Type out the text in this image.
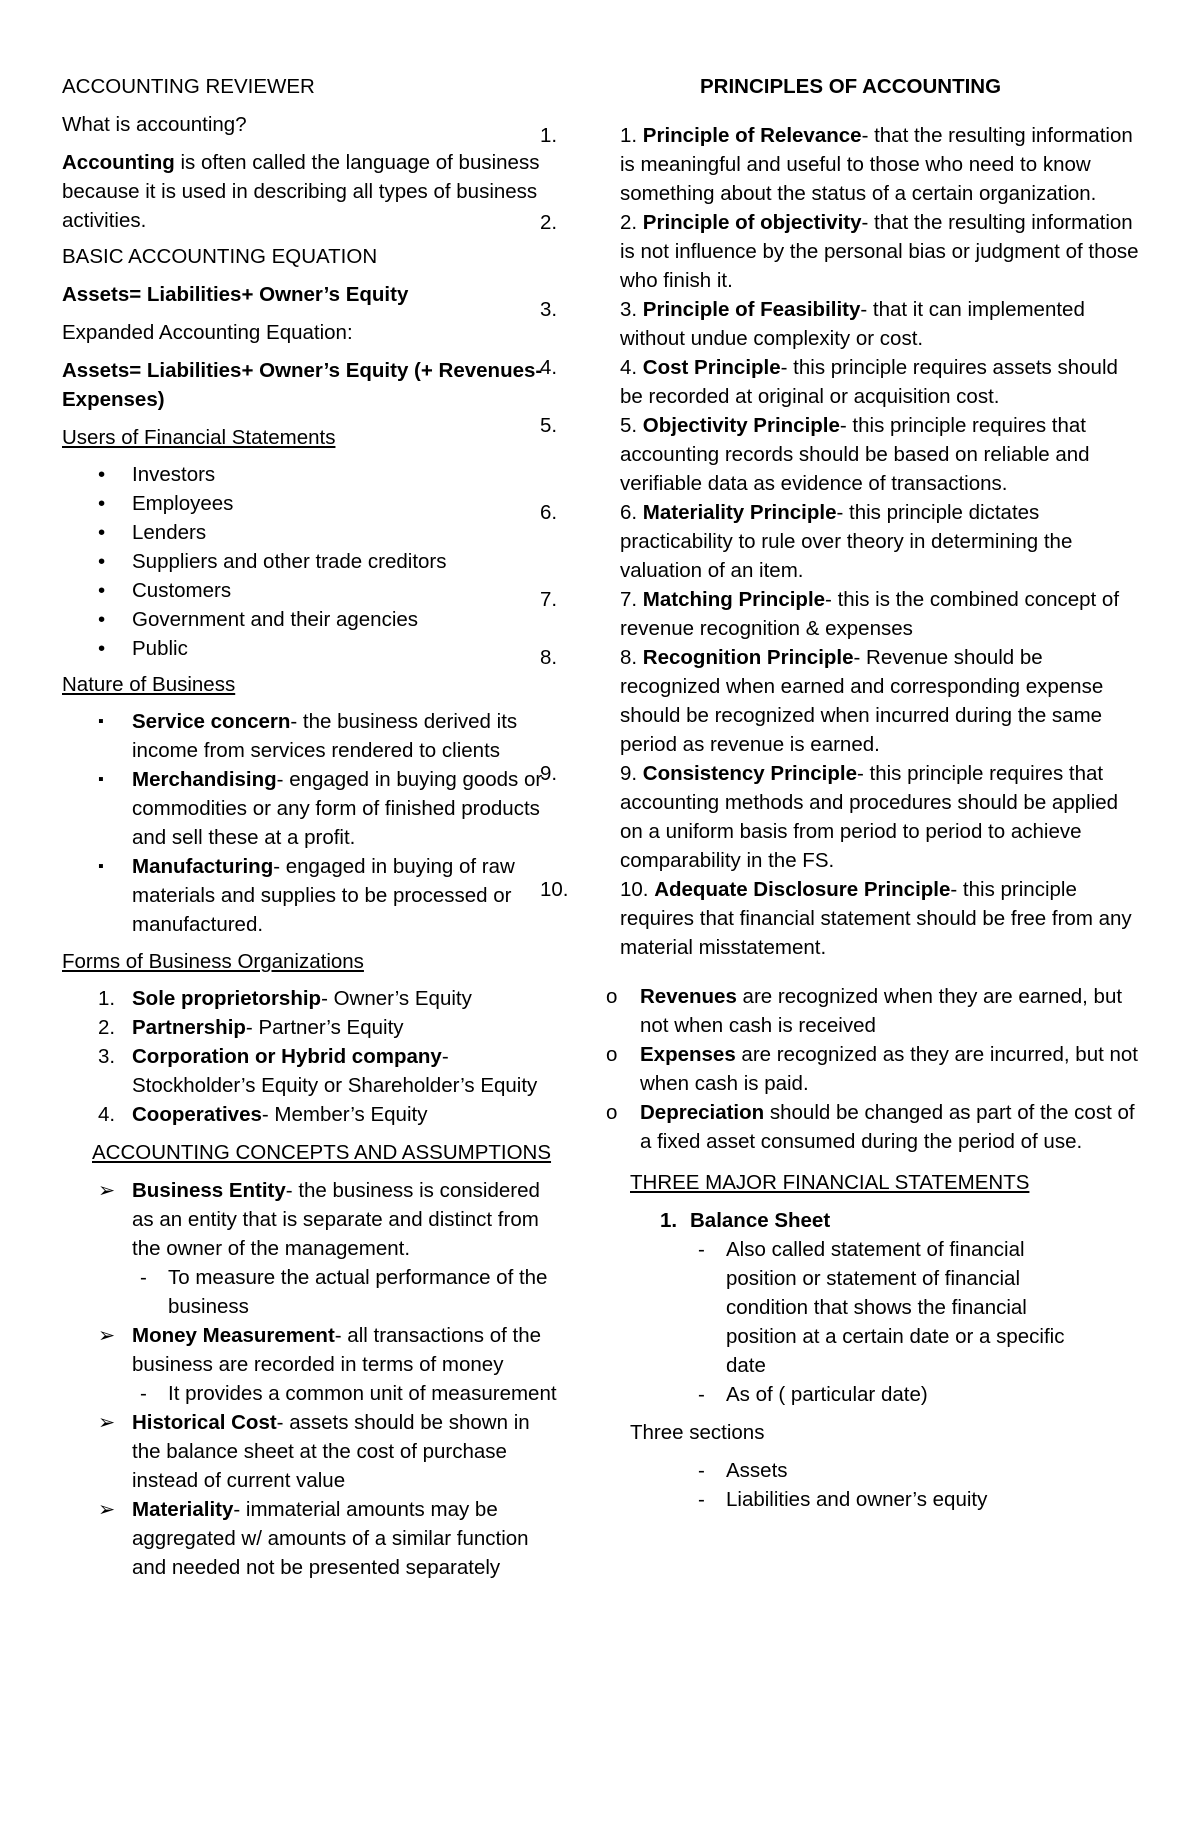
ACCOUNTING REVIEWER

What is accounting?

Accounting is often called the language of business because it is used in describing all types of business activities.

BASIC ACCOUNTING EQUATION

Assets= Liabilities+ Owner’s Equity

Expanded Accounting Equation:

Assets= Liabilities+ Owner’s Equity (+ Revenues- Expenses)

Users of Financial Statements

• Investors
• Employees
• Lenders
• Suppliers and other trade creditors
• Customers
• Government and their agencies
• Public

Nature of Business

▪ Service concern- the business derived its income from services rendered to clients
▪ Merchandising- engaged in buying goods or commodities or any form of finished products and sell these at a profit.
▪ Manufacturing- engaged in buying of raw materials and supplies to be processed or manufactured.

Forms of Business Organizations

1. Sole proprietorship- Owner’s Equity
2. Partnership- Partner’s Equity
3. Corporation or Hybrid company- Stockholder’s Equity or Shareholder’s Equity
4. Cooperatives- Member’s Equity

ACCOUNTING CONCEPTS AND ASSUMPTIONS

➢ Business Entity- the business is considered as an entity that is separate and distinct from the owner of the management.
- To measure the actual performance of the business
➢ Money Measurement- all transactions of the business are recorded in terms of money
- It provides a common unit of measurement
➢ Historical Cost- assets should be shown in the balance sheet at the cost of purchase instead of current value
➢ Materiality- immaterial amounts may be aggregated w/ amounts of a similar function and needed not be presented separately

PRINCIPLES OF ACCOUNTING

1.	1. Principle of Relevance- that the resulting information is meaningful and useful to those who need to know something about the status of a certain organization.
2.	2. Principle of objectivity- that the resulting information is not influence by the personal bias or judgment of those who finish it.
3.	3. Principle of Feasibility- that it can implemented without undue complexity or cost.
4.	4. Cost Principle- this principle requires assets should be recorded at original or acquisition cost.
5.	5. Objectivity Principle- this principle requires that accounting records should be based on reliable and verifiable data as evidence of transactions.
6.	6. Materiality Principle- this principle dictates practicability to rule over theory in determining the valuation of an item.
7.	7. Matching Principle- this is the combined concept of revenue recognition & expenses
8.	8. Recognition Principle- Revenue should be recognized when earned and corresponding expense should be recognized when incurred during the same period as revenue is earned.
9.	9. Consistency Principle- this principle requires that accounting methods and procedures should be applied on a uniform basis from period to period to achieve comparability in the FS.
10.	10. Adequate Disclosure Principle- this principle requires that financial statement should be free from any material misstatement.
o Revenues are recognized when they are earned, but not when cash is received
o Expenses are recognized as they are incurred, but not when cash is paid.
o Depreciation should be changed as part of the cost of a fixed asset consumed during the period of use.

THREE MAJOR FINANCIAL STATEMENTS

1. Balance Sheet
- Also called statement of financial position or statement of financial condition that shows the financial position at a certain date or a specific date
- As of ( particular date)

Three sections

- Assets
- Liabilities and owner’s equity
